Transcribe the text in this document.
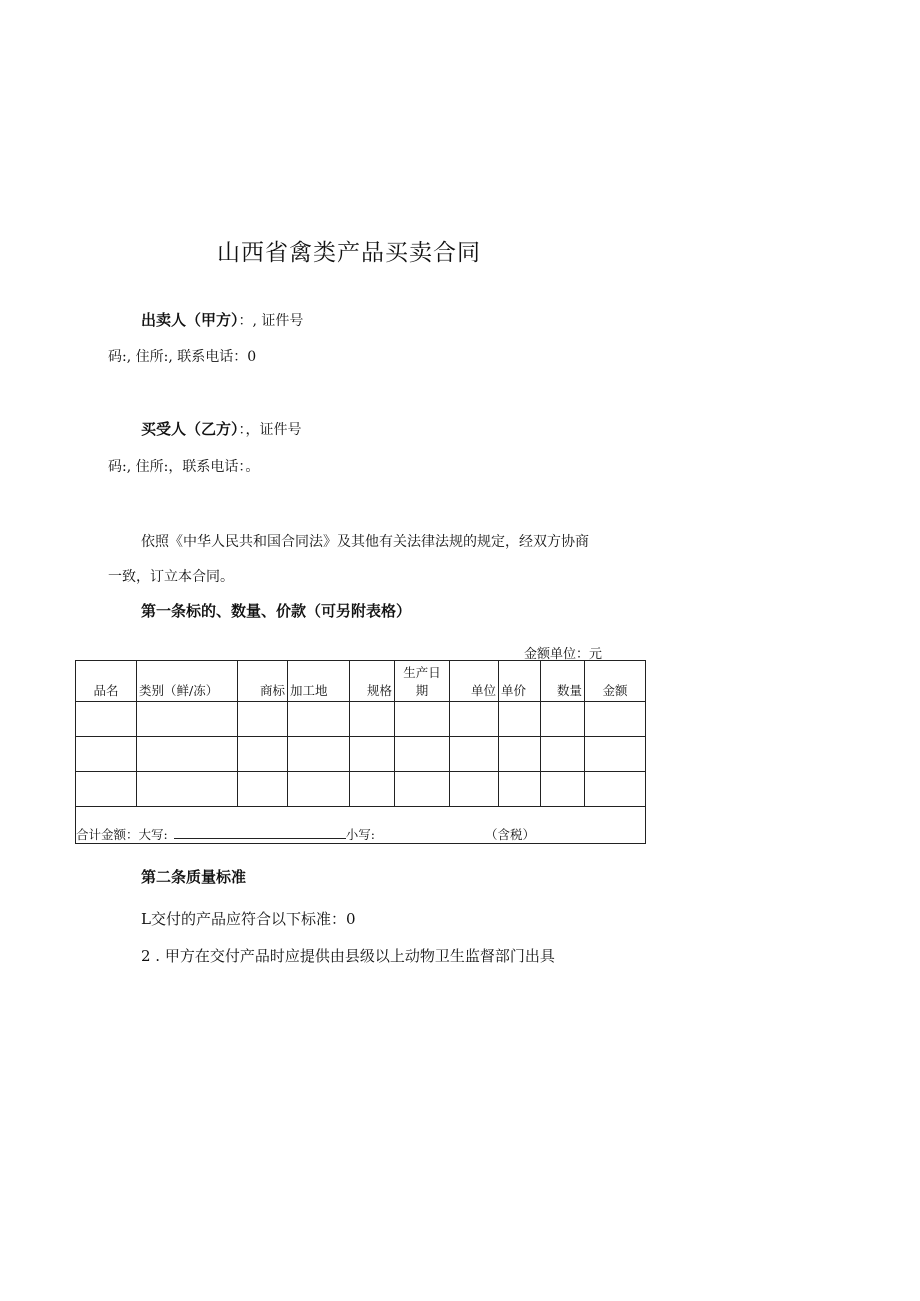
山西省禽类产品买卖合同
出卖人（甲方）：, 证件号
码:, 住所:, 联系电话：0
买受人（乙方）：，证件号
码:, 住所:，联系电话：。
依照《中华人民共和国合同法》及其他有关法律法规的规定，经双方协商
一致，订立本合同。
第一条标的、数量、价款（可另附表格）
金额单位：元
品名	类别（鲜/冻）	商标	加工地	规格	生产日
期	单位	单价	数量	金额

合计金额：大写: 小写: （含税）									
第二条质量标准
L交付的产品应符合以下标准：0
2 . 甲方在交付产品时应提供由县级以上动物卫生监督部门出具
